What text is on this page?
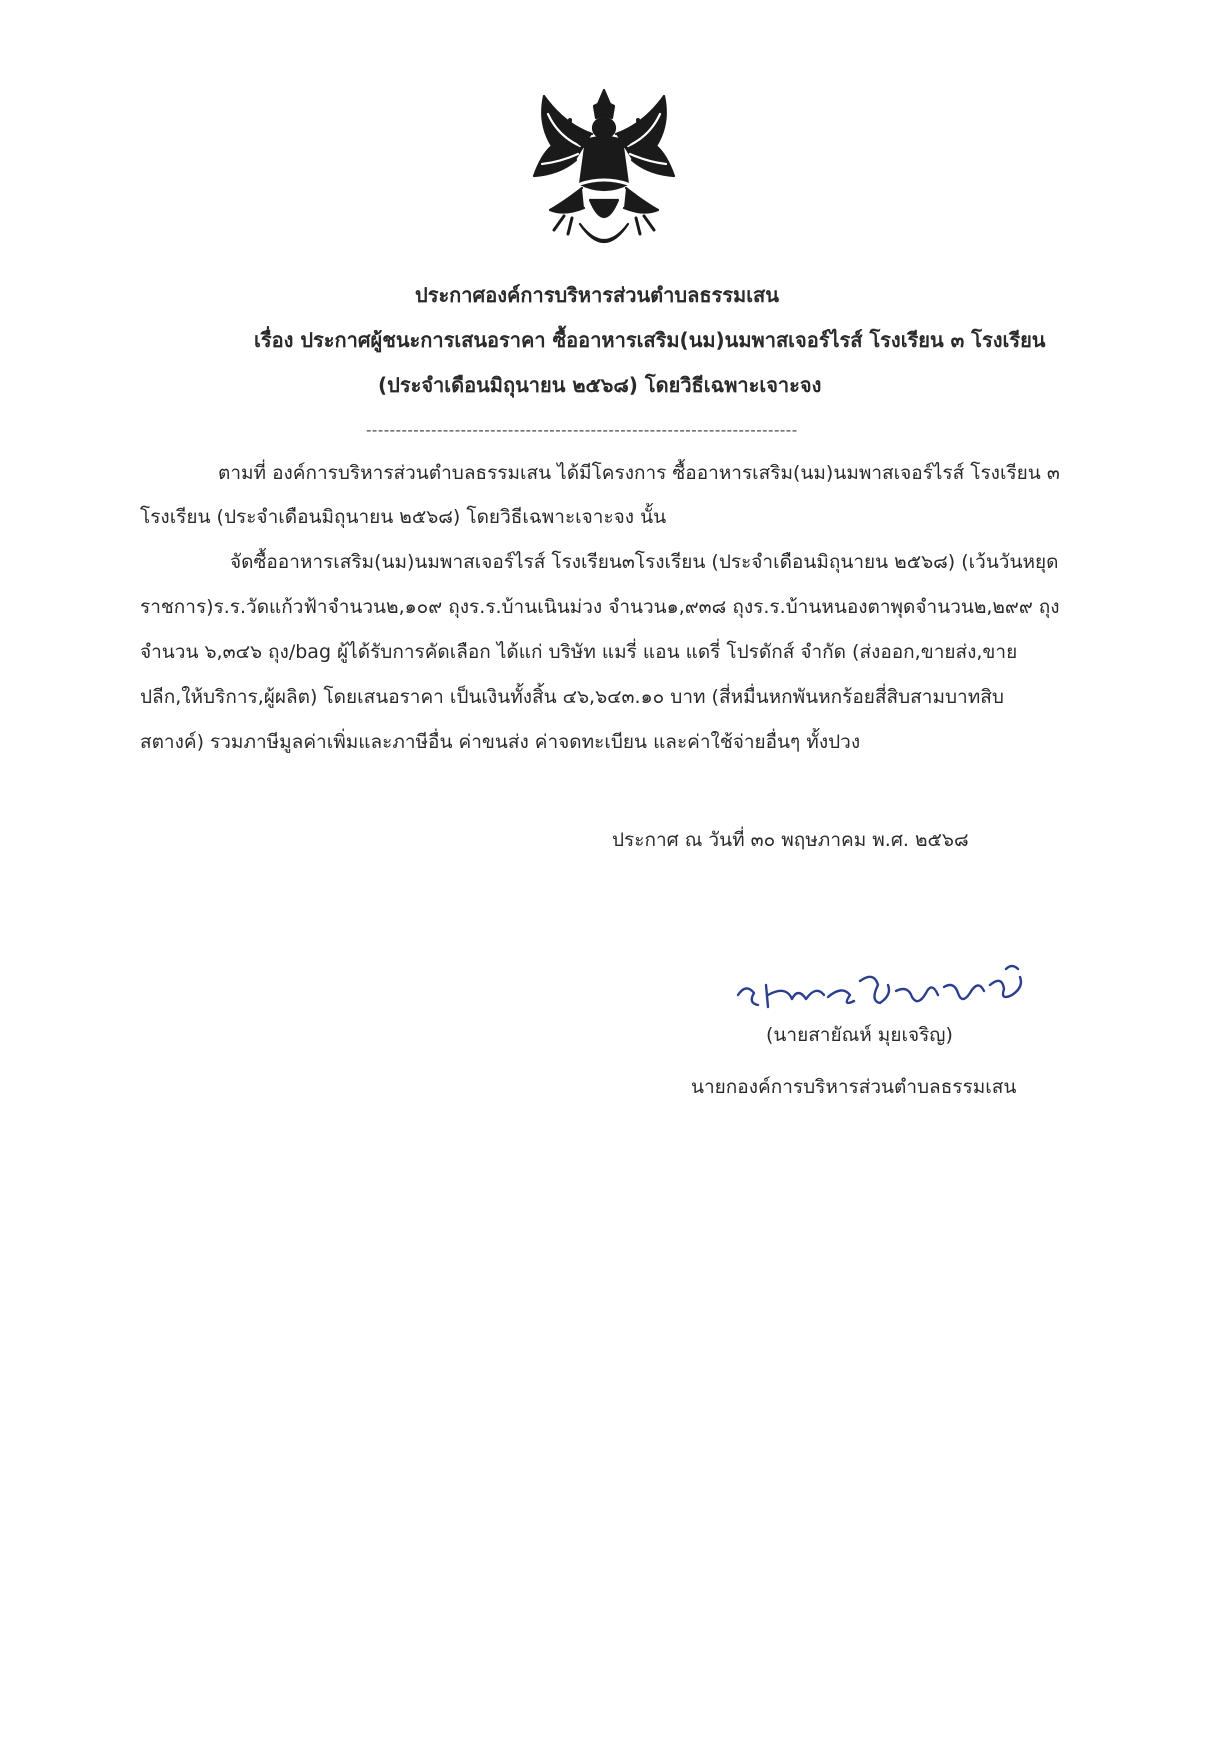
ประกาศองค์การบริหารส่วนตำบลธรรมเสน
เรื่อง ประกาศผู้ชนะการเสนอราคา ซื้ออาหารเสริม(นม)นมพาสเจอร์ไรส์ โรงเรียน ๓ โรงเรียน
(ประจำเดือนมิถุนายน ๒๕๖๘) โดยวิธีเฉพาะเจาะจง
-------------------------------------------------------------------------
ตามที่ องค์การบริหารส่วนตำบลธรรมเสน ได้มีโครงการ ซื้ออาหารเสริม(นม)นมพาสเจอร์ไรส์ โรงเรียน ๓
โรงเรียน (ประจำเดือนมิถุนายน ๒๕๖๘) โดยวิธีเฉพาะเจาะจง นั้น
จัดซื้ออาหารเสริม(นม)นมพาสเจอร์ไรส์ โรงเรียน๓โรงเรียน (ประจำเดือนมิถุนายน ๒๕๖๘) (เว้นวันหยุด
ราชการ)ร.ร.วัดแก้วฟ้าจำนวน๒,๑๐๙ ถุงร.ร.บ้านเนินม่วง จำนวน๑,๙๓๘ ถุงร.ร.บ้านหนองตาพุดจำนวน๒,๒๙๙ ถุง
จำนวน ๖,๓๔๖ ถุง/bag ผู้ได้รับการคัดเลือก ได้แก่ บริษัท แมรี่ แอน แดรี่ โปรดักส์ จำกัด (ส่งออก,ขายส่ง,ขาย
ปลีก,ให้บริการ,ผู้ผลิต) โดยเสนอราคา เป็นเงินทั้งสิ้น ๔๖,๖๔๓.๑๐ บาท (สี่หมื่นหกพันหกร้อยสี่สิบสามบาทสิบ
สตางค์) รวมภาษีมูลค่าเพิ่มและภาษีอื่น ค่าขนส่ง ค่าจดทะเบียน และค่าใช้จ่ายอื่นๆ ทั้งปวง
ประกาศ ณ วันที่ ๓๐ พฤษภาคม พ.ศ. ๒๕๖๘
(นายสายัณห์ มุยเจริญ)
นายกองค์การบริหารส่วนตำบลธรรมเสน
